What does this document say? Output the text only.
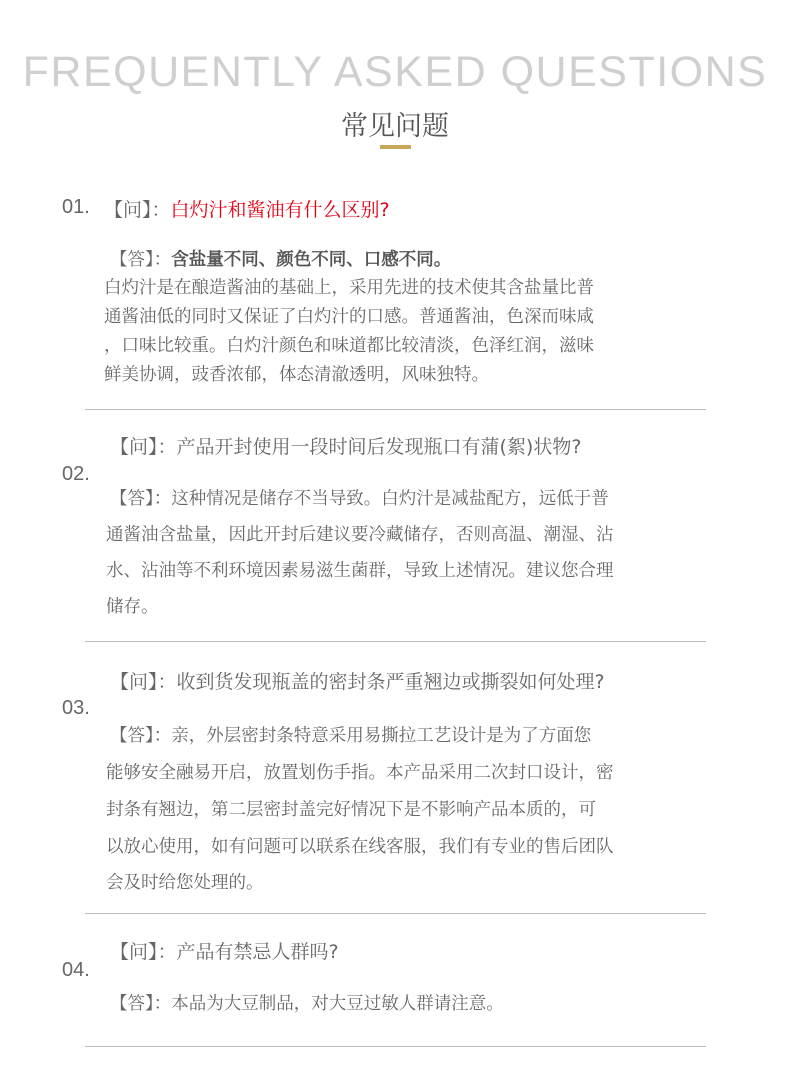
FREQUENTLY ASKED QUESTIONS
常见问题
01. 【问】：白灼汁和酱油有什么区别?
【答】：含盐量不同、颜色不同、口感不同。
白灼汁是在酿造酱油的基础上，采用先进的技术使其含盐量比普
通酱油低的同时又保证了白灼汁的口感。普通酱油，色深而味咸
，口味比较重。白灼汁颜色和味道都比较清淡，色泽红润，滋味
鲜美协调，豉香浓郁，体态清澈透明，风味独特。
02.
【问】：产品开封使用一段时间后发现瓶口有蒲(絮)状物?
【答】：这种情况是储存不当导致。白灼汁是减盐配方，远低于普
通酱油含盐量，因此开封后建议要冷藏储存，否则高温、潮湿、沾
水、沾油等不利环境因素易滋生菌群，导致上述情况。建议您合理
储存。
03.
【问】：收到货发现瓶盖的密封条严重翘边或撕裂如何处理?
【答】：亲，外层密封条特意采用易撕拉工艺设计是为了方面您
能够安全融易开启，放置划伤手指。本产品采用二次封口设计，密
封条有翘边，第二层密封盖完好情况下是不影响产品本质的，可
以放心使用，如有问题可以联系在线客服，我们有专业的售后团队
会及时给您处理的。
04.
【问】：产品有禁忌人群吗?
【答】：本品为大豆制品，对大豆过敏人群请注意。
